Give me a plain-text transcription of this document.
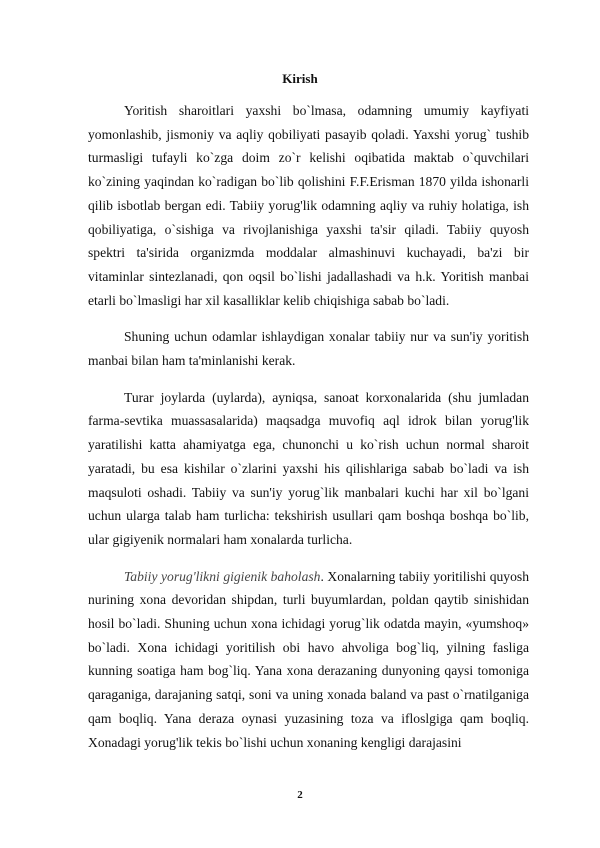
Kirish

Yoritish sharoitlari yaxshi bo`lmasa, odamning umumiy kayfiyati yomonlashib, jismoniy va aqliy qobiliyati pasayib qoladi. Yaxshi yorug` tushib turmasligi tufayli ko`zga doim zo`r kelishi oqibatida maktab o`quvchilari ko`zining yaqindan ko`radigan bo`lib qolishini F.F.Erisman 1870 yilda ishonarli qilib isbotlab bergan edi. Tabiiy yorug'lik odamning aqliy va ruhiy holatiga, ish qobiliyatiga, o`sishiga va rivojlanishiga yaxshi ta'sir qiladi. Tabiiy quyosh spektri ta'sirida organizmda moddalar almashinuvi kuchayadi, ba'zi bir vitaminlar sintezlanadi, qon oqsil bo`lishi jadallashadi va h.k. Yoritish manbai etarli bo`lmasligi har xil kasalliklar kelib chiqishiga sabab bo`ladi.

Shuning uchun odamlar ishlaydigan xonalar tabiiy nur va sun'iy yoritish manbai bilan ham ta'minlanishi kerak.

Turar joylarda (uylarda), ayniqsa, sanoat korxonalarida (shu jumladan farma-sevtika muassasalarida) maqsadga muvofiq aql idrok bilan yorug'lik yaratilishi katta ahamiyatga ega, chunonchi u ko`rish uchun normal sharoit yaratadi, bu esa kishilar o`zlarini yaxshi his qilishlariga sabab bo`ladi va ish maqsuloti oshadi. Tabiiy va sun'iy yorug`lik manbalari kuchi har xil bo`lgani uchun ularga talab ham turlicha: tekshirish usullari qam boshqa boshqa bo`lib, ular gigiyenik normalari ham xonalarda turlicha.

Tabiiy yorug'likni gigienik baholash. Xonalarning tabiiy yoritilishi quyosh nurining xona devoridan shipdan, turli buyumlardan, poldan qaytib sinishidan hosil bo`ladi. Shuning uchun xona ichidagi yorug`lik odatda mayin, «yumshoq» bo`ladi. Xona ichidagi yoritilish obi havo ahvoliga bog`liq, yilning fasliga kunning soatiga ham bog`liq. Yana xona derazaning dunyoning qaysi tomoniga qaraganiga, darajaning satqi, soni va uning xonada baland va past o`rnatilganiga qam boqliq. Yana deraza oynasi yuzasining toza va ifloslgiga qam boqliq. Xonadagi yorug'lik tekis bo`lishi uchun xonaning kengligi darajasini

2
